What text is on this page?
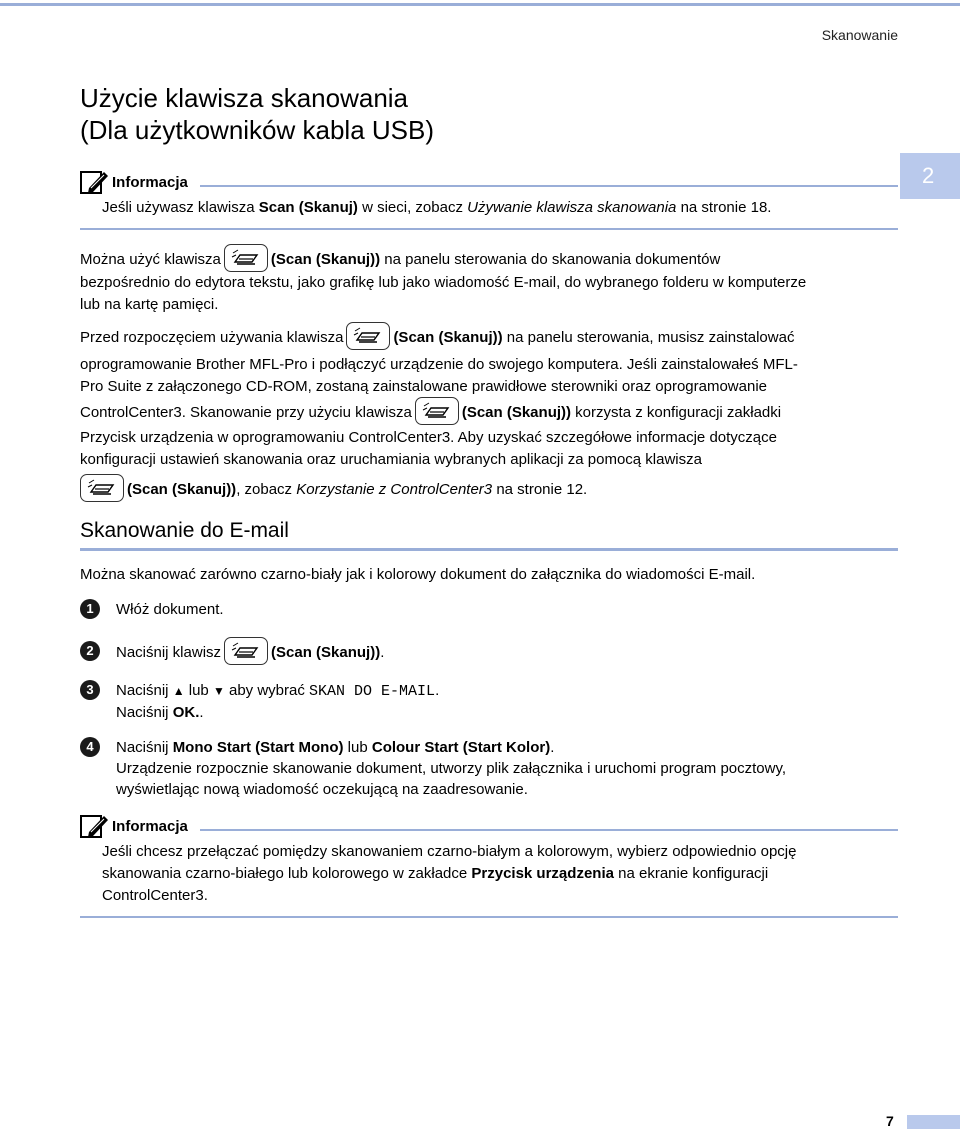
Skanowanie
2
Użycie klawisza skanowania
(Dla użytkowników kabla USB)
Informacja
Jeśli używasz klawisza Scan (Skanuj) w sieci, zobacz Używanie klawisza skanowania na stronie 18.
Można użyć klawisza	(Scan (Skanuj)) na panelu sterowania do skanowania dokumentów
bezpośrednio do edytora tekstu, jako grafikę lub jako wiadomość E-mail, do wybranego folderu w komputerze
lub na kartę pamięci.
Przed rozpoczęciem używania klawisza	(Scan (Skanuj)) na panelu sterowania, musisz zainstalować
oprogramowanie Brother MFL-Pro i podłączyć urządzenie do swojego komputera. Jeśli zainstalowałeś MFL-
Pro Suite z załączonego CD-ROM, zostaną zainstalowane prawidłowe sterowniki oraz oprogramowanie
ControlCenter3. Skanowanie przy użyciu klawisza	(Scan (Skanuj)) korzysta z konfiguracji zakładki
Przycisk urządzenia w oprogramowaniu ControlCenter3. Aby uzyskać szczegółowe informacje dotyczące
konfiguracji ustawień skanowania oraz uruchamiania wybranych aplikacji za pomocą klawisza
(Scan (Skanuj)), zobacz Korzystanie z ControlCenter3 na stronie 12.
Skanowanie do E-mail
Można skanować zarówno czarno-biały jak i kolorowy dokument do załącznika do wiadomości E-mail.
1	Włóż dokument.
2	Naciśnij klawisz	(Scan (Skanuj)).
3	Naciśnij ▲ lub ▼ aby wybrać SKAN DO E-MAIL.
Naciśnij OK..
4	Naciśnij Mono Start (Start Mono) lub Colour Start (Start Kolor).
Urządzenie rozpocznie skanowanie dokument, utworzy plik załącznika i uruchomi program pocztowy,
wyświetlając nową wiadomość oczekującą na zaadresowanie.
Informacja
Jeśli chcesz przełączać pomiędzy skanowaniem czarno-białym a kolorowym, wybierz odpowiednio opcję
skanowania czarno-białego lub kolorowego w zakładce Przycisk urządzenia na ekranie konfiguracji
ControlCenter3.
7
